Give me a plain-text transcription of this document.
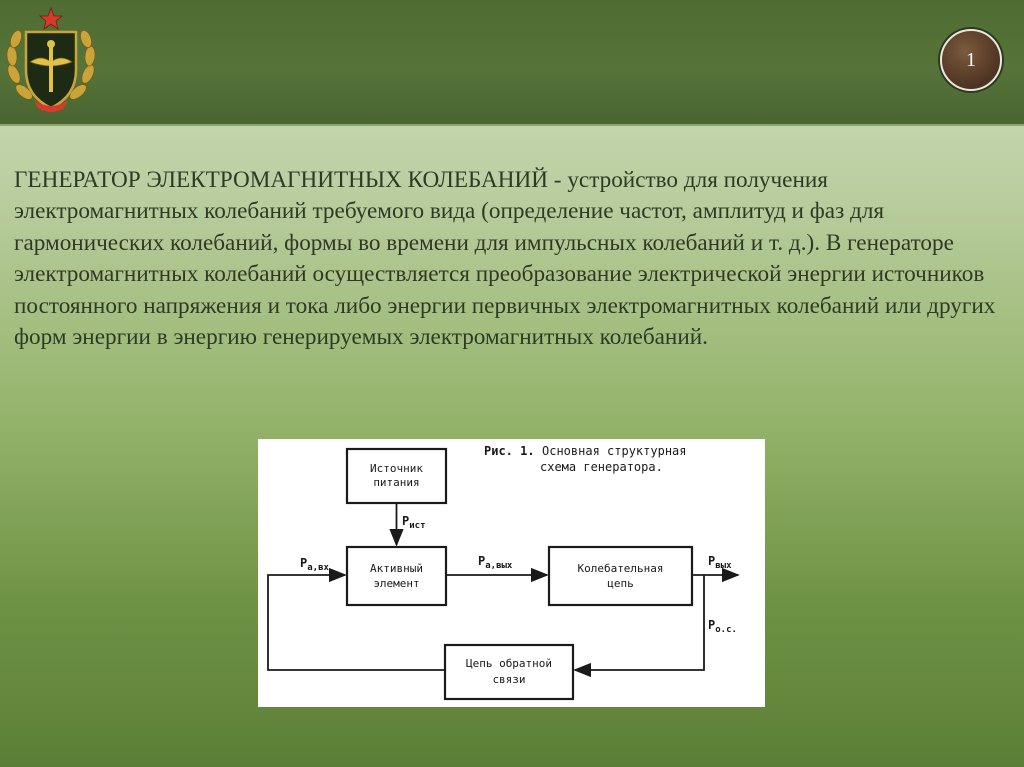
1

ГЕНЕРАТОР ЭЛЕКТРОМАГНИТНЫХ КОЛЕБАНИЙ - устройство для получения электромагнитных колебаний требуемого вида (определение частот, амплитуд и фаз для гармонических колебаний, формы во времени для импульсных колебаний и т. д.). В генераторе электромагнитных колебаний осуществляется преобразование электрической энергии источников постоянного напряжения и тока либо энергии первичных электромагнитных колебаний или других форм энергии в энергию генерируемых электромагнитных колебаний.

Рис. 1. Основная структурная
схема генератора.
Источник
питания
Активный
элемент
Колебательная
цепь
Цепь обратной
связи
$P_{ист}$
$P_{а,вх}$	$P_{а,вых}$	$P_{вых}$
$P_{о.с.}$
